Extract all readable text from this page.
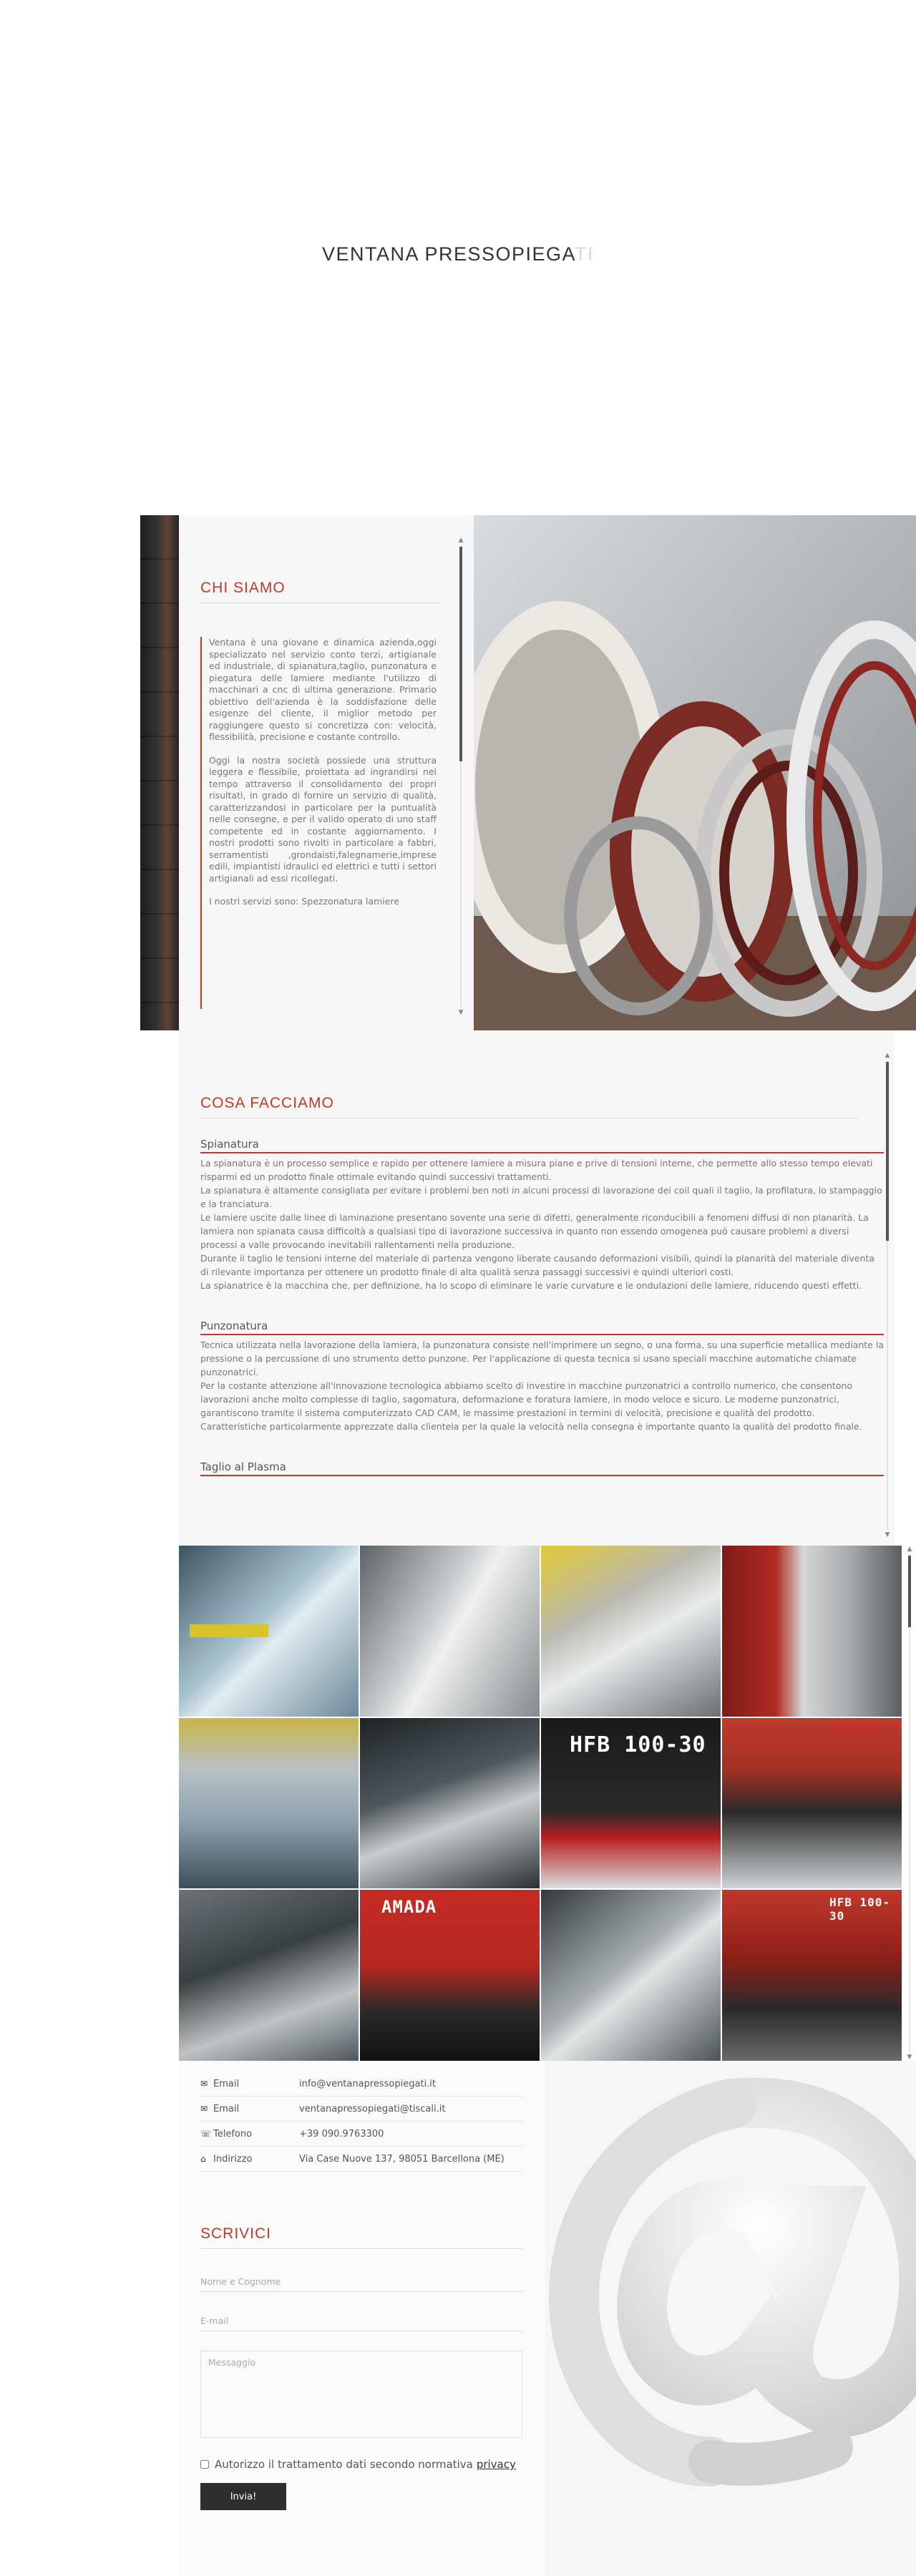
VENTANA PRESSOPIEGATI
CHI SIAMO

Ventana è una giovane e dinamica azienda,oggi specializzato nel servizio conto terzi, artigianale ed industriale, di spianatura,taglio, punzonatura e piegatura delle lamiere mediante l'utilizzo di macchinari a cnc di ultima generazione. Primario obiettivo dell'azienda è la soddisfazione delle esigenze del cliente, il miglior metodo per raggiungere questo si concretizza con: velocità, flessibilità, precisione e costante controllo.

Oggi la nostra società possiede una struttura leggera e flessibile, proiettata ad ingrandirsi nel tempo attraverso il consolidamento dei propri risultati, in grado di fornire un servizio di qualità, caratterizzandosi in particolare per la puntualità nelle consegne, e per il valido operato di uno staff competente ed in costante aggiornamento. I nostri prodotti sono rivolti in particolare a fabbri, serramentisti ,grondaisti,falegnamerie,imprese edili, impiantisti idraulici ed elettrici e tutti i settori artigianali ad essi ricollegati.

I nostri servizi sono: Spezzonatura lamiere

▲
▼
COSA FACCIAMO
Spianatura
La spianatura è un processo semplice e rapido per ottenere lamiere a misura piane e prive di tensioni interne, che permette allo stesso tempo elevati risparmi ed un prodotto finale ottimale evitando quindi successivi trattamenti.
La spianatura è altamente consigliata per evitare i problemi ben noti in alcuni processi di lavorazione dei coil quali il taglio, la profilatura, lo stampaggio e la tranciatura.
Le lamiere uscite dalle linee di laminazione presentano sovente una serie di difetti, generalmente riconducibili a fenomeni diffusi di non planarità. La lamiera non spianata causa difficoltà a qualsiasi tipo di lavorazione successiva in quanto non essendo omogenea può causare problemi a diversi processi a valle provocando inevitabili rallentamenti nella produzione.
Durante il taglio le tensioni interne del materiale di partenza vengono liberate causando deformazioni visibili, quindi la planarità del materiale diventa di rilevante importanza per ottenere un prodotto finale di alta qualità senza passaggi successivi e quindi ulteriori costi.
La spianatrice è la macchina che, per definizione, ha lo scopo di eliminare le varie curvature e le ondulazioni delle lamiere, riducendo questi effetti.
Punzonatura
Tecnica utilizzata nella lavorazione della lamiera, la punzonatura consiste nell'imprimere un segno, o una forma, su una superficie metallica mediante la pressione o la percussione di uno strumento detto punzone. Per l'applicazione di questa tecnica si usano speciali macchine automatiche chiamate punzonatrici.
Per la costante attenzione all'innovazione tecnologica abbiamo scelto di investire in macchine punzonatrici a controllo numerico, che consentono lavorazioni anche molto complesse di taglio, sagomatura, deformazione e foratura lamiere, in modo veloce e sicuro. Le moderne punzonatrici, garantiscono tramite il sistema computerizzato CAD CAM, le massime prestazioni in termini di velocità, precisione e qualità del prodotto.
Caratteristiche particolarmente apprezzate dalla clientela per la quale la velocità nella consegna è importante quanto la qualità del prodotto finale.
Taglio al Plasma
▲
▼
HFB 100-30
AMADA	HFB 100-30
▲
▼
✉ Email	info@ventanapressopiegati.it
✉ Email	ventanapressopiegati@tiscali.it
☏ Telefono	+39 090.9763300
⌂ Indirizzo	Via Case Nuove 137, 98051 Barcellona (ME)
SCRIVICI
Nome e Cognome
E-mail
Messaggio
Autorizzo il trattamento dati secondo normativa privacy
Invia!
